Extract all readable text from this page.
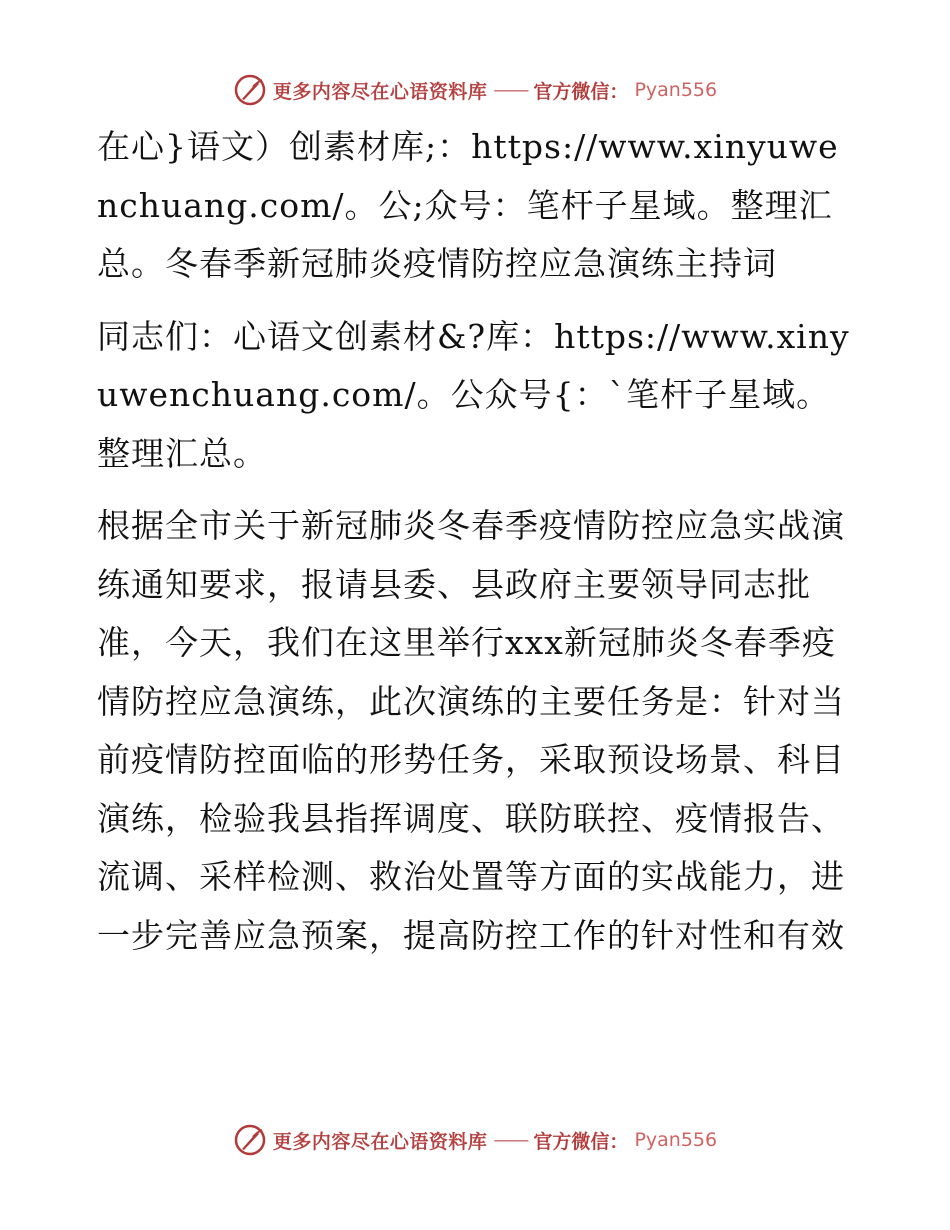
更多内容尽在心语资料库 —— 官方微信： Pyan556

在心}语文）创素材库;：https://www.xinyuwenchuang.com/。公;众号：笔杆子星域。整理汇总。冬春季新冠肺炎疫情防控应急演练主持词

同志们：心语文创素材&?库：https://www.xinyuwenchuang.com/。公众号{：`笔杆子星域。整理汇总。

根据全市关于新冠肺炎冬春季疫情防控应急实战演练通知要求，报请县委、县政府主要领导同志批准，今天，我们在这里举行xxx新冠肺炎冬春季疫情防控应急演练，此次演练的主要任务是：针对当前疫情防控面临的形势任务，采取预设场景、科目演练，检验我县指挥调度、联防联控、疫情报告、流调、采样检测、救治处置等方面的实战能力，进一步完善应急预案，提高防控工作的针对性和有效

更多内容尽在心语资料库 —— 官方微信： Pyan556
